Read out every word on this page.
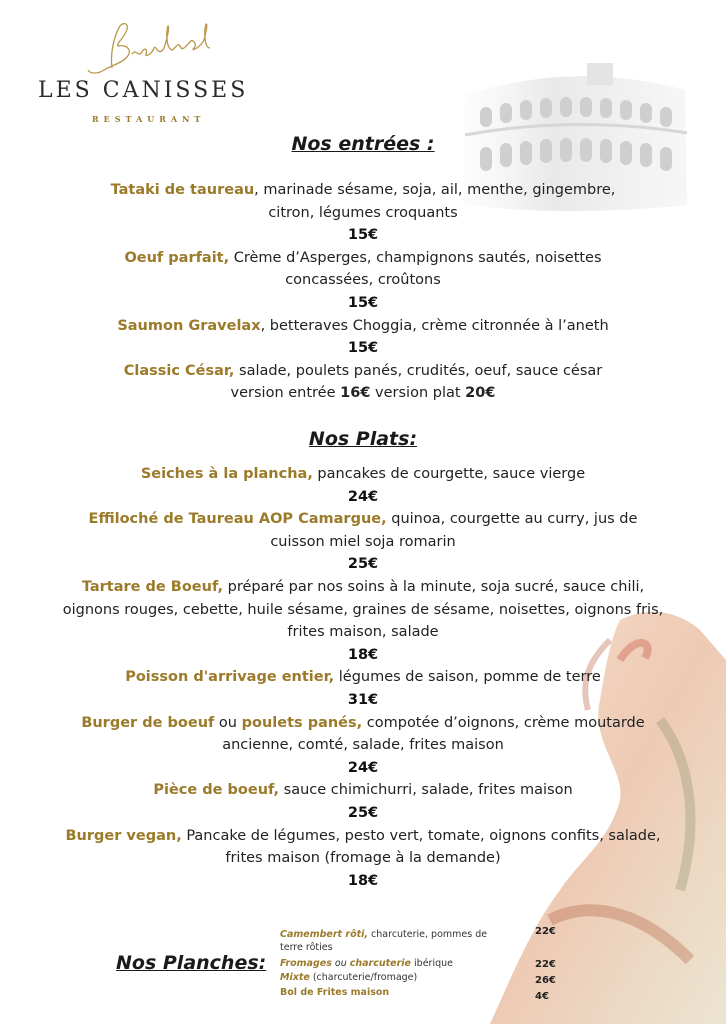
Bistrot
LES CANISSES
RESTAURANT
Nos entrées :

Tataki de taureau, marinade sésame, soja, ail, menthe, gingembre,

citron, légumes croquants

15€

Oeuf parfait, Crème d’Asperges, champignons sautés, noisettes

concassées, croûtons

15€

Saumon Gravelax, betteraves Choggia, crème citronnée à l’aneth

15€

Classic César, salade, poulets panés, crudités, oeuf, sauce césar

version entrée 16€ version plat 20€

Nos Plats:

Seiches à la plancha, pancakes de courgette, sauce vierge

24€

Effiloché de Taureau AOP Camargue, quinoa, courgette au curry, jus de

cuisson miel soja romarin

25€

Tartare de Boeuf, préparé par nos soins à la minute, soja sucré, sauce chili,

oignons rouges, cebette, huile sésame, graines de sésame, noisettes, oignons fris,

frites maison, salade

18€

Poisson d'arrivage entier, légumes de saison, pomme de terre

31€

Burger de boeuf ou poulets panés, compotée d’oignons, crème moutarde

ancienne, comté, salade, frites maison

24€

Pièce de boeuf, sauce chimichurri, salade, frites maison

25€

Burger vegan, Pancake de légumes, pesto vert, tomate, oignons confits, salade,

frites maison (fromage à la demande)

18€

Nos Planches:
Camembert rôti, charcuterie, pommes de
terre rôties
22€
Fromages ou charcuterie ibérique	22€
Mixte (charcuterie/fromage)	26€
Bol de Frites maison	4€
